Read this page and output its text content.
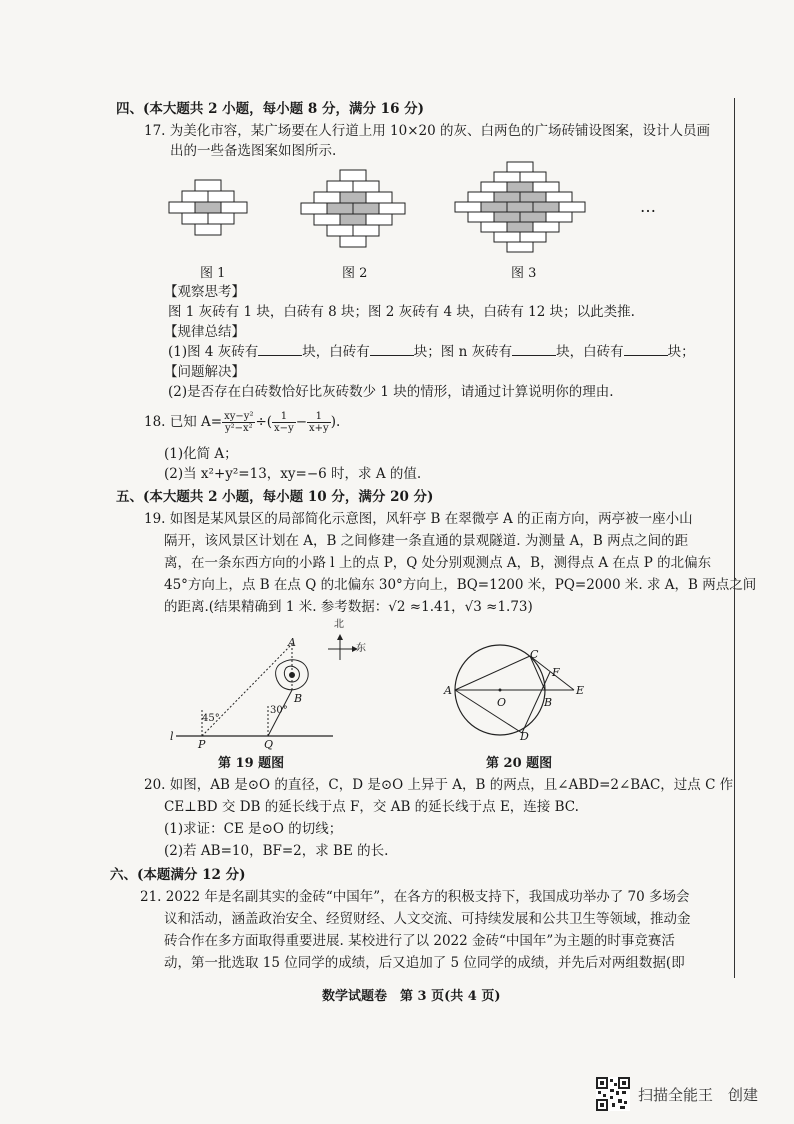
四、(本大题共 2 小题，每小题 8 分，满分 16 分)
17. 为美化市容，某广场要在人行道上用 10×20 的灰、白两色的广场砖铺设图案，设计人员画
出的一些备选图案如图所示.
…
图 1	图 2	图 3
【观察思考】
图 1 灰砖有 1 块，白砖有 8 块；图 2 灰砖有 4 块，白砖有 12 块；以此类推.
【规律总结】
(1)图 4 灰砖有	块，白砖有	块；图 n 灰砖有	块，白砖有	块；
【问题解决】
(2)是否存在白砖数恰好比灰砖数少 1 块的情形，请通过计算说明你的理由.
18. 已知 $A= \frac{\text{xy−y²}}{\text{y²−x²}}$ ÷( $\frac{1}{x-y} - \frac{1}{x+y}$ ).
(1)化简 A；
(2)当 x²+y²=13，xy=−6 时，求 A 的值.
五、(本大题共 2 小题，每小题 10 分，满分 20 分)
19. 如图是某风景区的局部简化示意图，风轩亭 B 在翠微亭 A 的正南方向，两亭被一座小山
隔开，该风景区计划在 A，B 之间修建一条直通的景观隧道. 为测量 A，B 两点之间的距
离，在一条东西方向的小路 l 上的点 P，Q 处分别观测点 A，B，测得点 A 在点 P 的北偏东
45°方向上，点 B 在点 Q 的北偏东 30°方向上，BQ=1200 米，PQ=2000 米. 求 A，B 两点之间
的距离.(结果精确到 1 米. 参考数据：√2 ≈1.41，√3 ≈1.73)
A
B
P	Q
l
45°
30°
北
东
第 19 题图
A
C
F
O	B
E
D
第 20 题图
20. 如图，AB 是⊙O 的直径，C，D 是⊙O 上异于 A，B 的两点，且∠ABD=2∠BAC，过点 C 作
CE⊥BD 交 DB 的延长线于点 F，交 AB 的延长线于点 E，连接 BC.
(1)求证：CE 是⊙O 的切线；
(2)若 AB=10，BF=2，求 BE 的长.
六、(本题满分 12 分)
21. 2022 年是名副其实的金砖“中国年”，在各方的积极支持下，我国成功举办了 70 多场会
议和活动，涵盖政治安全、经贸财经、人文交流、可持续发展和公共卫生等领域，推动金
砖合作在多方面取得重要进展. 某校进行了以 2022 金砖“中国年”为主题的时事竞赛活
动，第一批选取 15 位同学的成绩，后又追加了 5 位同学的成绩，并先后对两组数据(即
数学试题卷　第 3 页(共 4 页)
扫描全能王　创建
